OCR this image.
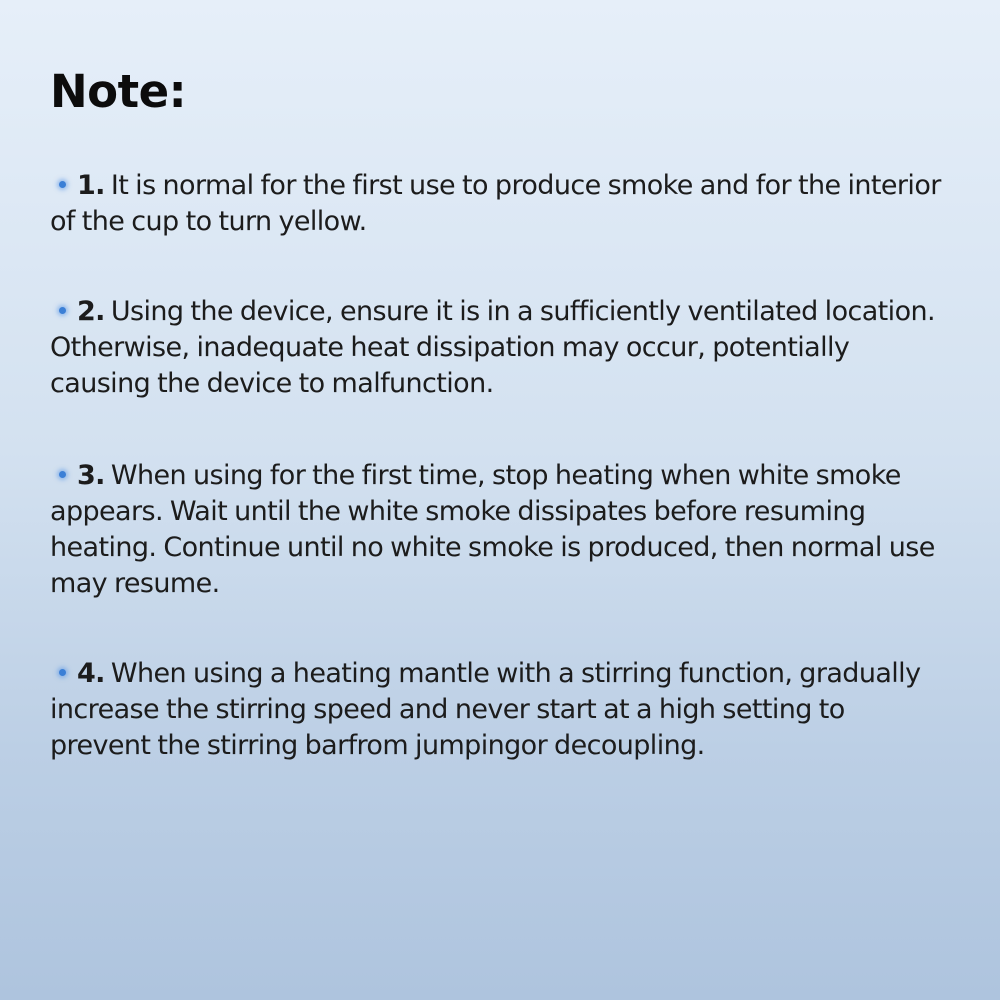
Note:

1. It is normal for the first use to produce smoke and for the interior of the cup to turn yellow.

2. Using the device, ensure it is in a sufficiently ventilated location. Otherwise, inadequate heat dissipation may occur, potentially causing the device to malfunction.

3. When using for the first time, stop heating when white smoke appears. Wait until the white smoke dissipates before resuming heating. Continue until no white smoke is produced, then normal use may resume.

4. When using a heating mantle with a stirring function, gradually increase the stirring speed and never start at a high setting to prevent the stirring barfrom jumpingor decoupling.
